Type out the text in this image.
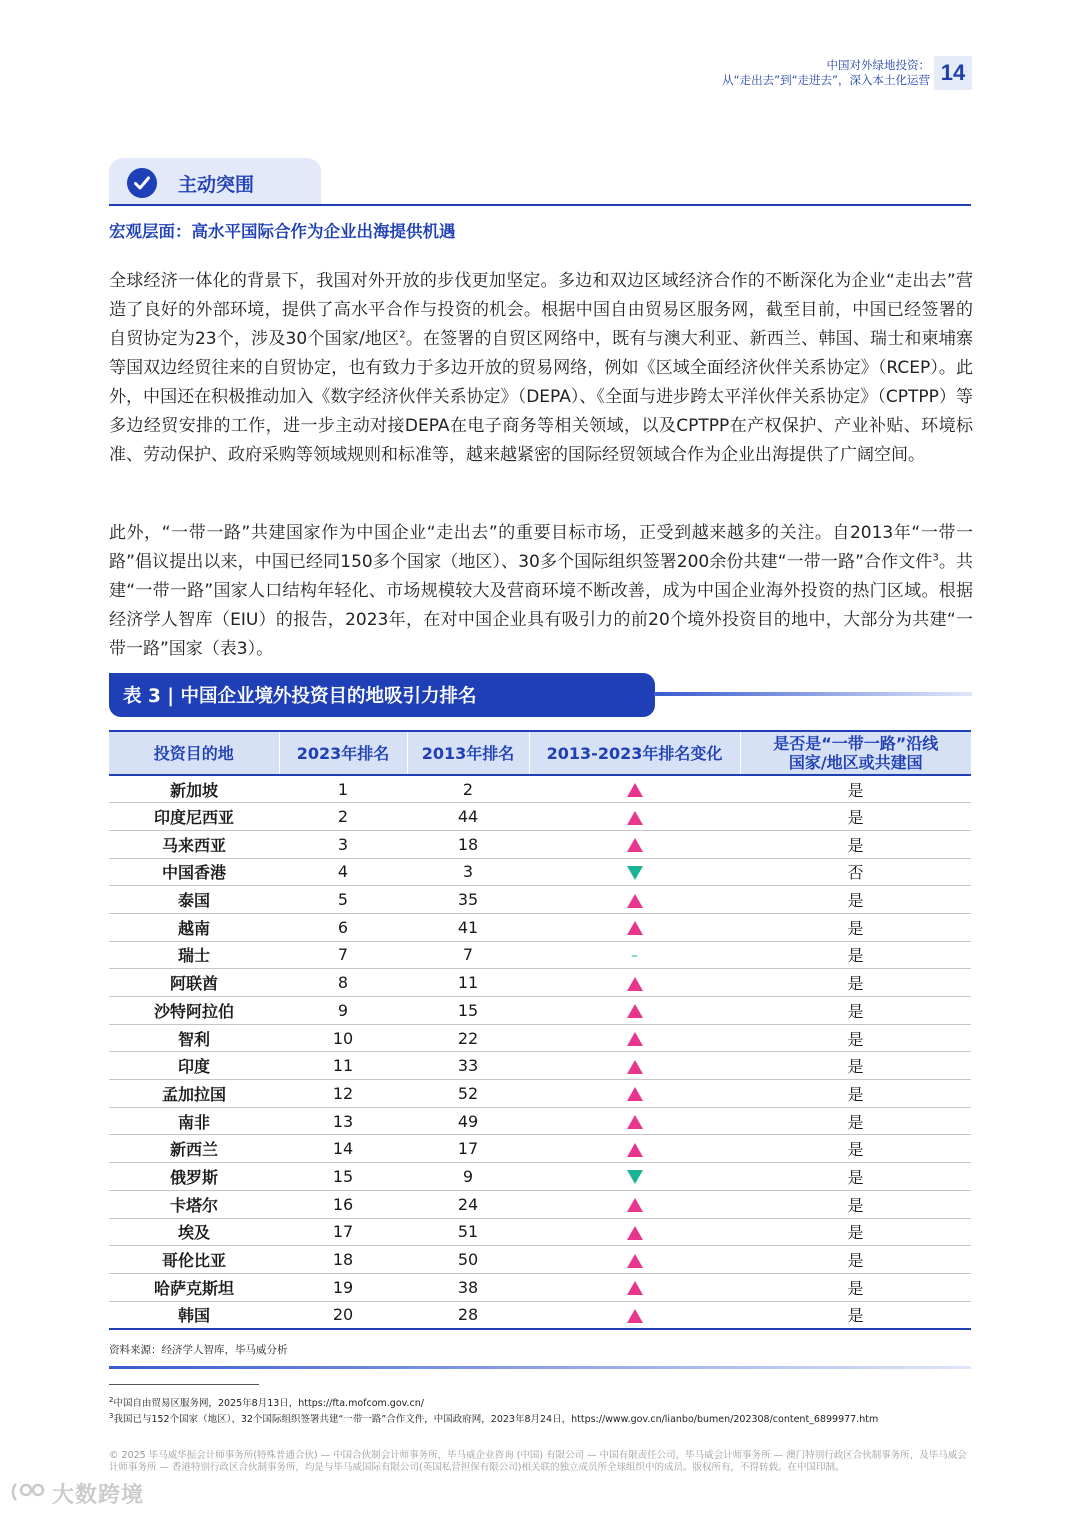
中国对外绿地投资：
从“走出去”到“走进去”，深入本土化运营 14
主动突围
宏观层面：高水平国际合作为企业出海提供机遇
全球经济一体化的背景下，我国对外开放的步伐更加坚定。多边和双边区域经济合作的不断深化为企业“走出去”营造了良好的外部环境，提供了高水平合作与投资的机会。根据中国自由贸易区服务网，截至目前，中国已经签署的自贸协定为23个，涉及30个国家/地区$^2$。在签署的自贸区网络中，既有与澳大利亚、新西兰、韩国、瑞士和柬埔寨等国双边经贸往来的自贸协定，也有致力于多边开放的贸易网络，例如《区域全面经济伙伴关系协定》（RCEP）。此外，中国还在积极推动加入《数字经济伙伴关系协定》（DEPA）、《全面与进步跨太平洋伙伴关系协定》（CPTPP）等多边经贸安排的工作，进一步主动对接DEPA在电子商务等相关领域，以及CPTPP在产权保护、产业补贴、环境标准、劳动保护、政府采购等领域规则和标准等，越来越紧密的国际经贸领域合作为企业出海提供了广阔空间。
此外，“一带一路”共建国家作为中国企业“走出去”的重要目标市场，正受到越来越多的关注。自2013年“一带一路”倡议提出以来，中国已经同150多个国家（地区）、30多个国际组织签署200余份共建“一带一路”合作文件$^3$。共建“一带一路”国家人口结构年轻化、市场规模较大及营商环境不断改善，成为中国企业海外投资的热门区域。根据经济学人智库（EIU）的报告，2023年，在对中国企业具有吸引力的前20个境外投资目的地中，大部分为共建“一带一路”国家（表3）。
表 3 | 中国企业境外投资目的地吸引力排名
投资目的地	2023年排名	2013年排名	2013-2023年排名变化	是否是“一带一路”沿线
国家/地区或共建国
新加坡	1	2		是
印度尼西亚	2	44		是
马来西亚	3	18		是
中国香港	4	3		否
泰国	5	35		是
越南	6	41		是
瑞士	7	7	–	是
阿联酋	8	11		是
沙特阿拉伯	9	15		是
智利	10	22		是
印度	11	33		是
孟加拉国	12	52		是
南非	13	49		是
新西兰	14	17		是
俄罗斯	15	9		是
卡塔尔	16	24		是
埃及	17	51		是
哥伦比亚	18	50		是
哈萨克斯坦	19	38		是
韩国	20	28		是
资料来源：经济学人智库，毕马威分析
$^2$中国自由贸易区服务网，2025年8月13日，https://fta.mofcom.gov.cn/
$^3$我国已与152个国家（地区）、32个国际组织签署共建“一带一路”合作文件，中国政府网，2023年8月24日，https://www.gov.cn/lianbo/bumen/202308/content_6899977.htm
© 2025 毕马威华振会计师事务所(特殊普通合伙) — 中国合伙制会计师事务所，毕马威企业咨询 (中国) 有限公司 — 中国有限责任公司，毕马威会计师事务所 — 澳门特别行政区合伙制事务所，及毕马威会计师事务所 — 香港特别行政区合伙制事务所，均是与毕马威国际有限公司(英国私营担保有限公司)相关联的独立成员所全球组织中的成员。版权所有，不得转载。在中国印制。
大数跨境
